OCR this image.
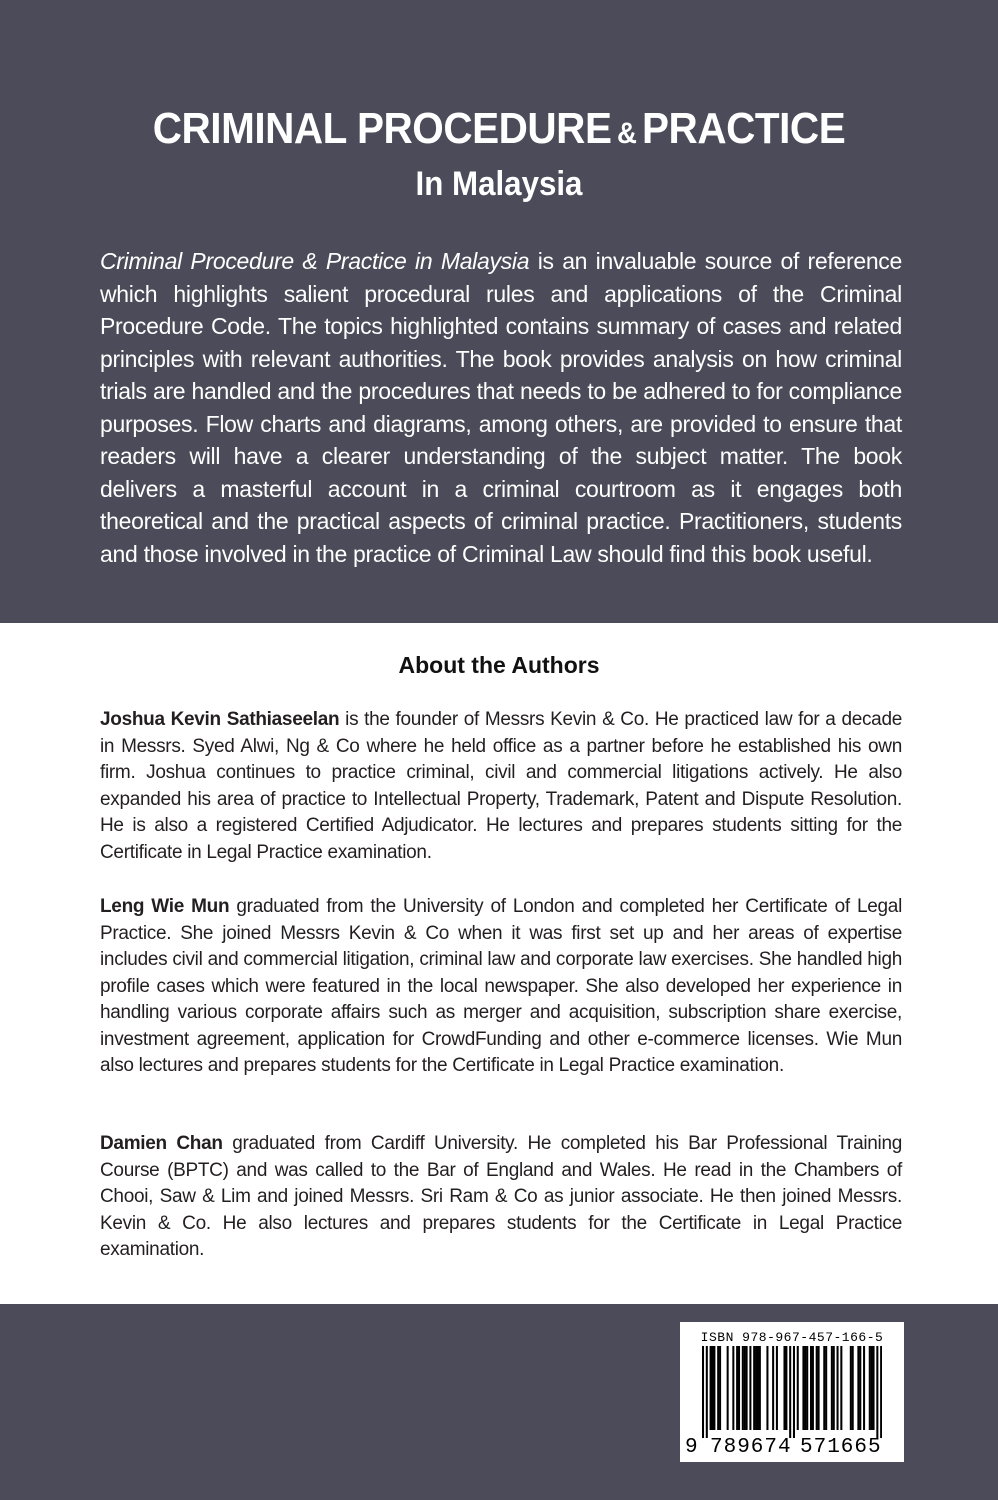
CRIMINAL PROCEDURE & PRACTICE
In Malaysia

Criminal Procedure & Practice in Malaysia is an invaluable source of reference which highlights salient procedural rules and applications of the Criminal Procedure Code. The topics highlighted contains summary of cases and related principles with relevant authorities. The book provides analysis on how criminal trials are handled and the procedures that needs to be adhered to for compliance purposes. Flow charts and diagrams, among others, are provided to ensure that readers will have a clearer understanding of the subject matter. The book delivers a masterful account in a criminal courtroom as it engages both theoretical and the practical aspects of criminal practice. Practitioners, students and those involved in the practice of Criminal Law should find this book useful.

About the Authors

Joshua Kevin Sathiaseelan is the founder of Messrs Kevin & Co. He practiced law for a decade in Messrs. Syed Alwi, Ng & Co where he held office as a partner before he established his own firm. Joshua continues to practice criminal, civil and commercial litigations actively. He also expanded his area of practice to Intellectual Property, Trademark, Patent and Dispute Resolution. He is also a registered Certified Adjudicator. He lectures and prepares students sitting for the Certificate in Legal Practice examination.

Leng Wie Mun graduated from the University of London and completed her Certificate of Legal Practice. She joined Messrs Kevin & Co when it was first set up and her areas of expertise includes civil and commercial litigation, criminal law and corporate law exercises. She handled high profile cases which were featured in the local newspaper. She also developed her experience in handling various corporate affairs such as merger and acquisition, subscription share exercise, investment agreement, application for CrowdFunding and other e-commerce licenses. Wie Mun also lectures and prepares students for the Certificate in Legal Practice examination.

Damien Chan graduated from Cardiff University. He completed his Bar Professional Training Course (BPTC) and was called to the Bar of England and Wales. He read in the Chambers of Chooi, Saw & Lim and joined Messrs. Sri Ram & Co as junior associate. He then joined Messrs. Kevin & Co. He also lectures and prepares students for the Certificate in Legal Practice examination.

ISBN 978-967-457-166-5
9 789674 571665
